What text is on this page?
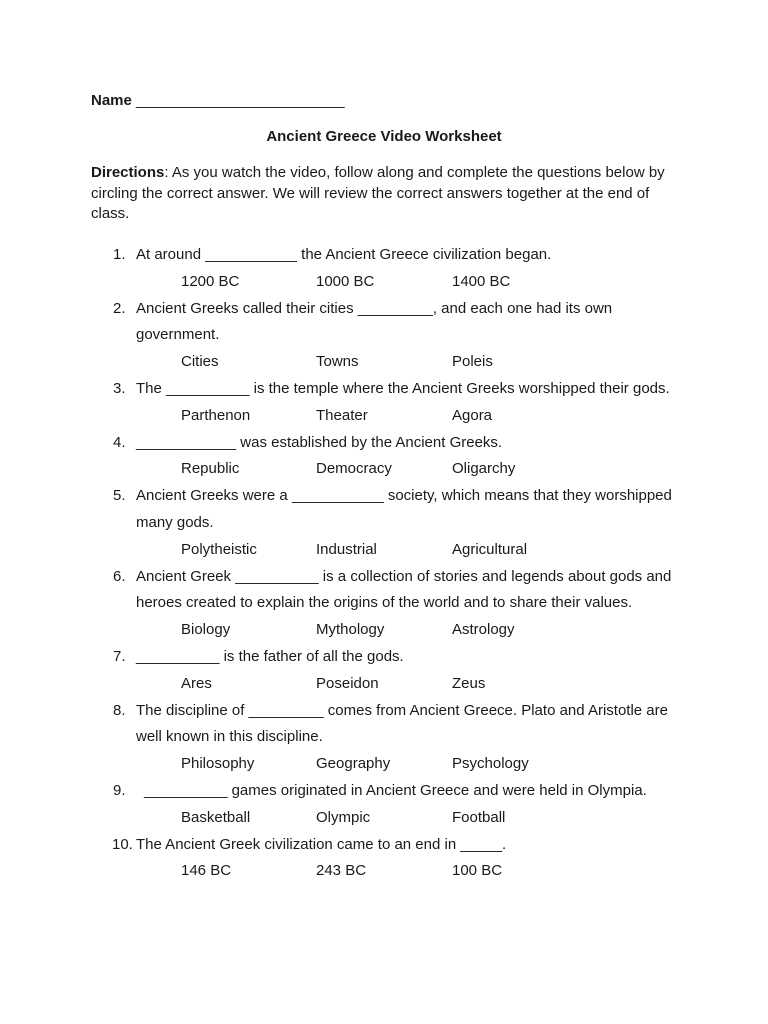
Name _________________________
Ancient Greece Video Worksheet
Directions: As you watch the video, follow along and complete the questions below by circling the correct answer. We will review the correct answers together at the end of class.
1. At around ___________ the Ancient Greece civilization began.
1200 BC	1000 BC	1400 BC
2. Ancient Greeks called their cities _________, and each one had its own
government.
Cities	Towns	Poleis
3. The __________ is the temple where the Ancient Greeks worshipped their gods.
Parthenon	Theater	Agora
4. ____________ was established by the Ancient Greeks.
Republic	Democracy	Oligarchy
5. Ancient Greeks were a ___________ society, which means that they worshipped
many gods.
Polytheistic	Industrial	Agricultural
6. Ancient Greek __________ is a collection of stories and legends about gods and
heroes created to explain the origins of the world and to share their values.
Biology	Mythology	Astrology
7. __________ is the father of all the gods.
Ares	Poseidon	Zeus
8. The discipline of _________ comes from Ancient Greece. Plato and Aristotle are
well known in this discipline.
Philosophy	Geography	Psychology
9. __________ games originated in Ancient Greece and were held in Olympia.
Basketball	Olympic	Football
10. The Ancient Greek civilization came to an end in _____.
146 BC	243 BC	100 BC
